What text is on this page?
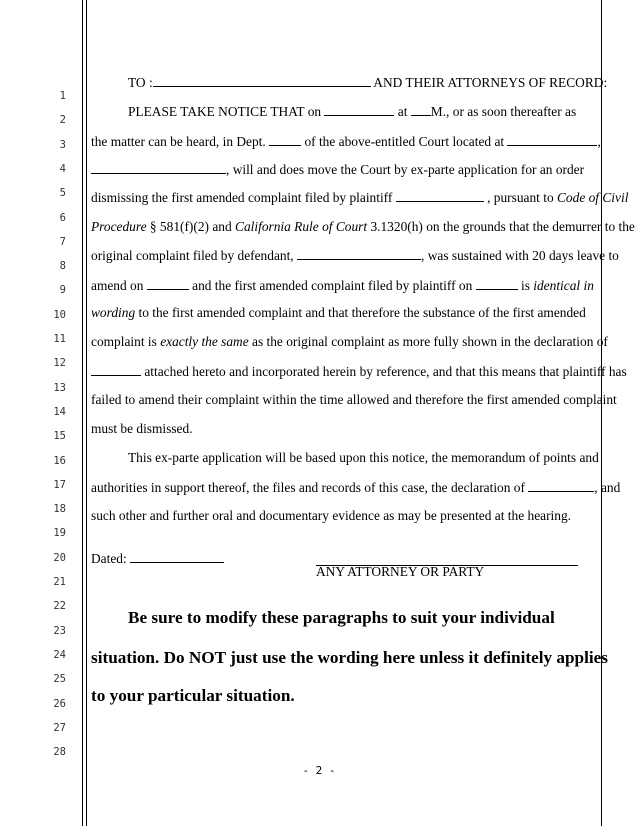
1
2
3
4
5
6
7
8
9
10
11
12
13
14
15
16
17
18
19
20
21
22
23
24
25
26
27
28
TO :	AND THEIR ATTORNEYS OF RECORD:
PLEASE TAKE NOTICE THAT on	at M., or as soon thereafter as
the matter can be heard, in Dept.  of the above-entitled Court located at	,
, will and does move the Court by ex-parte application for an order
dismissing the first amended complaint filed by plaintiff	, pursuant to Code of Civil
Procedure § 581(f)(2) and California Rule of Court 3.1320(h) on the grounds that the demurrer to the
original complaint filed by defendant,	, was sustained with 20 days leave to
amend on	and the first amended complaint filed by plaintiff on	is identical in
wording to the first amended complaint and that therefore the substance of the first amended
complaint is exactly the same as the original complaint as more fully shown in the declaration of
attached hereto and incorporated herein by reference, and that this means that plaintiff has
failed to amend their complaint within the time allowed and therefore the first amended complaint
must be dismissed.
This ex-parte application will be based upon this notice, the memorandum of points and
authorities in support thereof, the files and records of this case, the declaration of	, and
such other and further oral and documentary evidence as may be presented at the hearing.
Dated:
ANY ATTORNEY OR PARTY
Be sure to modify these paragraphs to suit your individual
situation. Do NOT just use the wording here unless it definitely applies
to your particular situation.
- 2 -
